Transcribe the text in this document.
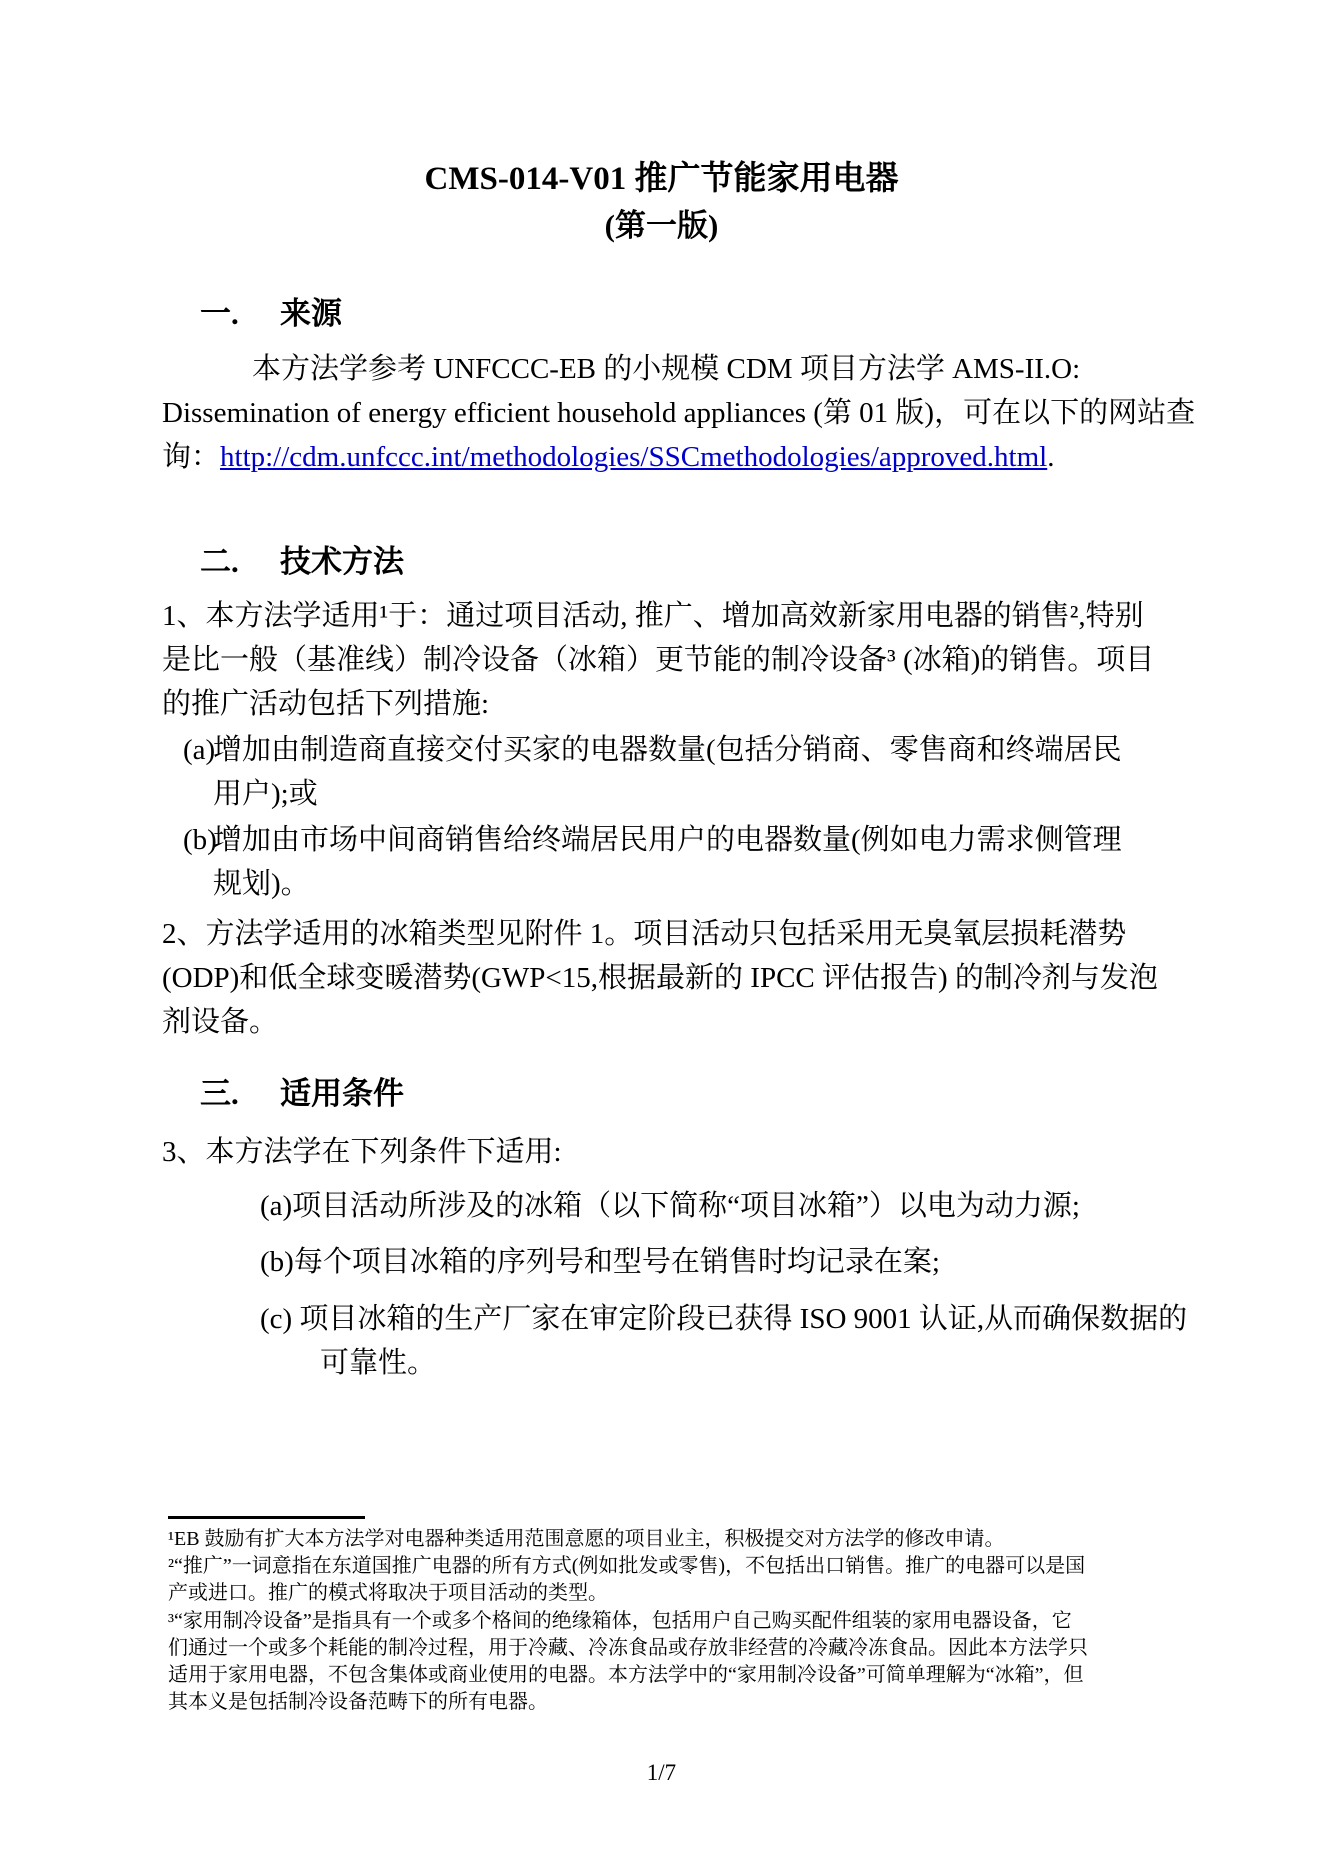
CMS-014-V01 推广节能家用电器
(第一版)
一. 来源
本方法学参考 UNFCCC-EB 的小规模 CDM 项目方法学 AMS-II.O:
Dissemination of energy efficient household appliances (第 01 版)，可在以下的网站查
询：http://cdm.unfccc.int/methodologies/SSCmethodologies/approved.html.
二. 技术方法
1、本方法学适用¹于：通过项目活动, 推广、增加高效新家用电器的销售²,特别
是比一般（基准线）制冷设备（冰箱）更节能的制冷设备³ (冰箱)的销售。项目
的推广活动包括下列措施:
(a)
增加由制造商直接交付买家的电器数量(包括分销商、零售商和终端居民
用户);或
(b)
增加由市场中间商销售给终端居民用户的电器数量(例如电力需求侧管理
规划)。
2、方法学适用的冰箱类型见附件 1。项目活动只包括采用无臭氧层损耗潜势
(ODP)和低全球变暖潜势(GWP<15,根据最新的 IPCC 评估报告) 的制冷剂与发泡
剂设备。
三. 适用条件
3、本方法学在下列条件下适用:
(a)项目活动所涉及的冰箱（以下简称“项目冰箱”）以电为动力源;
(b)每个项目冰箱的序列号和型号在销售时均记录在案;
(c) 项目冰箱的生产厂家在审定阶段已获得 ISO 9001 认证,从而确保数据的
可靠性。
¹EB 鼓励有扩大本方法学对电器种类适用范围意愿的项目业主，积极提交对方法学的修改申请。
²“推广”一词意指在东道国推广电器的所有方式(例如批发或零售)，不包括出口销售。推广的电器可以是国
产或进口。推广的模式将取决于项目活动的类型。
³“家用制冷设备”是指具有一个或多个格间的绝缘箱体，包括用户自己购买配件组装的家用电器设备，它
们通过一个或多个耗能的制冷过程，用于冷藏、冷冻食品或存放非经营的冷藏冷冻食品。因此本方法学只
适用于家用电器，不包含集体或商业使用的电器。本方法学中的“家用制冷设备”可简单理解为“冰箱”，但
其本义是包括制冷设备范畴下的所有电器。
1/7
